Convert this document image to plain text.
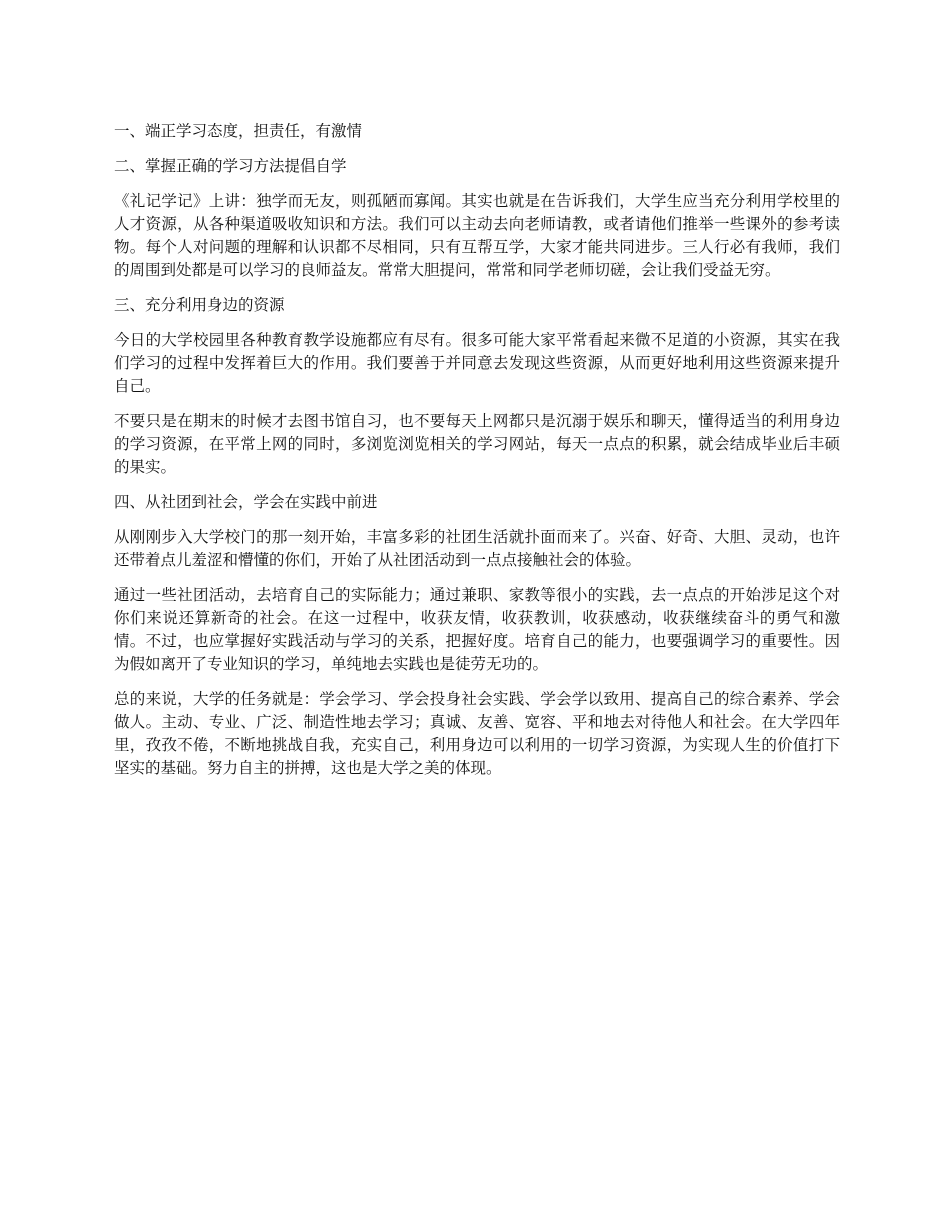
一、端正学习态度，担责任，有激情

二、掌握正确的学习方法提倡自学

《礼记学记》上讲：独学而无友，则孤陋而寡闻。其实也就是在告诉我们，大学生应当充分利用学校里的人才资源，从各种渠道吸收知识和方法。我们可以主动去向老师请教，或者请他们推举一些课外的参考读物。每个人对问题的理解和认识都不尽相同，只有互帮互学，大家才能共同进步。三人行必有我师，我们的周围到处都是可以学习的良师益友。常常大胆提问，常常和同学老师切磋，会让我们受益无穷。

三、充分利用身边的资源

今日的大学校园里各种教育教学设施都应有尽有。很多可能大家平常看起来微不足道的小资源，其实在我们学习的过程中发挥着巨大的作用。我们要善于并同意去发现这些资源，从而更好地利用这些资源来提升自己。

不要只是在期末的时候才去图书馆自习，也不要每天上网都只是沉溺于娱乐和聊天，懂得适当的利用身边的学习资源，在平常上网的同时，多浏览浏览相关的学习网站，每天一点点的积累，就会结成毕业后丰硕的果实。

四、从社团到社会，学会在实践中前进

从刚刚步入大学校门的那一刻开始，丰富多彩的社团生活就扑面而来了。兴奋、好奇、大胆、灵动，也许还带着点儿羞涩和懵懂的你们，开始了从社团活动到一点点接触社会的体验。

通过一些社团活动，去培育自己的实际能力；通过兼职、家教等很小的实践，去一点点的开始涉足这个对你们来说还算新奇的社会。在这一过程中，收获友情，收获教训，收获感动，收获继续奋斗的勇气和激情。不过，也应掌握好实践活动与学习的关系，把握好度。培育自己的能力，也要强调学习的重要性。因为假如离开了专业知识的学习，单纯地去实践也是徒劳无功的。

总的来说，大学的任务就是：学会学习、学会投身社会实践、学会学以致用、提高自己的综合素养、学会做人。主动、专业、广泛、制造性地去学习；真诚、友善、宽容、平和地去对待他人和社会。在大学四年里，孜孜不倦，不断地挑战自我，充实自己，利用身边可以利用的一切学习资源，为实现人生的价值打下坚实的基础。努力自主的拼搏，这也是大学之美的体现。
